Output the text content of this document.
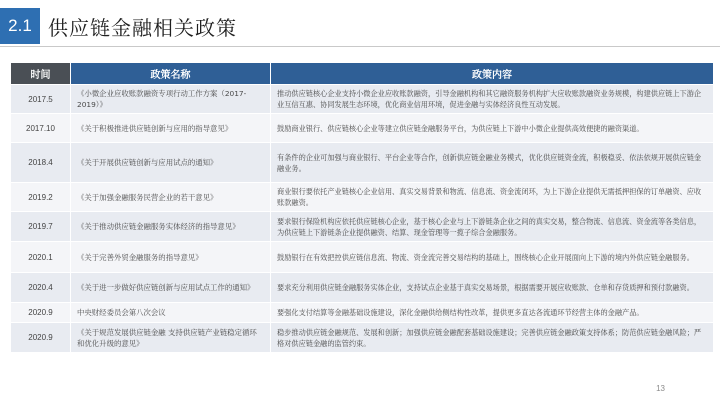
2.1 供应链金融相关政策
时间	政策名称	政策内容
2017.5	《小微企业应收账款融资专项行动工作方案（2017-2019）》	推动供应链核心企业支持小微企业应收账款融资，引导金融机构和其它融资服务机构扩大应收账款融资业务规模，构建供应链上下游企业互信互惠、协同发展生态环境，优化商业信用环境，促进金融与实体经济良性互动发展。
2017.10	《关于积极推进供应链创新与应用的指导意见》	鼓励商业银行、供应链核心企业等建立供应链金融服务平台，为供应链上下游中小微企业提供高效便捷的融资渠道。
2018.4	《关于开展供应链创新与应用试点的通知》	有条件的企业可加强与商业银行、平台企业等合作，创新供应链金融业务模式，优化供应链资金流，积极稳妥、依法依规开展供应链金融业务。
2019.2	《关于加强金融服务民营企业的若干意见》	商业银行要依托产业链核心企业信用、真实交易背景和物流、信息流、资金流闭环，为上下游企业提供无需抵押担保的订单融资、应收账款融资。
2019.7	《关于推动供应链金融服务实体经济的指导意见》	要求银行保险机构应依托供应链核心企业，基于核心企业与上下游链条企业之间的真实交易，整合物流、信息流、资金流等各类信息，为供应链上下游链条企业提供融资、结算、现金管理等一揽子综合金融服务。
2020.1	《关于完善外贸金融服务的指导意见》	鼓励银行在有效把控供应链信息流、物流、资金流完善交易结构的基础上，围绕核心企业开展面向上下游的境内外供应链金融服务。
2020.4	《关于进一步做好供应链创新与应用试点工作的通知》	要求充分利用供应链金融服务实体企业，支持试点企业基于真实交易场景，根据需要开展应收账款、仓单和存货质押和预付款融资。
2020.9	中央财经委员会第八次会议	要强化支付结算等金融基础设施建设，深化金融供给侧结构性改革，提供更多直达各流通环节经营主体的金融产品。
2020.9	《关于规范发展供应链金融 支持供应链产业链稳定循环和优化升级的意见》	稳步推动供应链金融规范、发展和创新；加强供应链金融配套基础设施建设；完善供应链金融政策支持体系；防范供应链金融风险；严格对供应链金融的监管约束。
13
